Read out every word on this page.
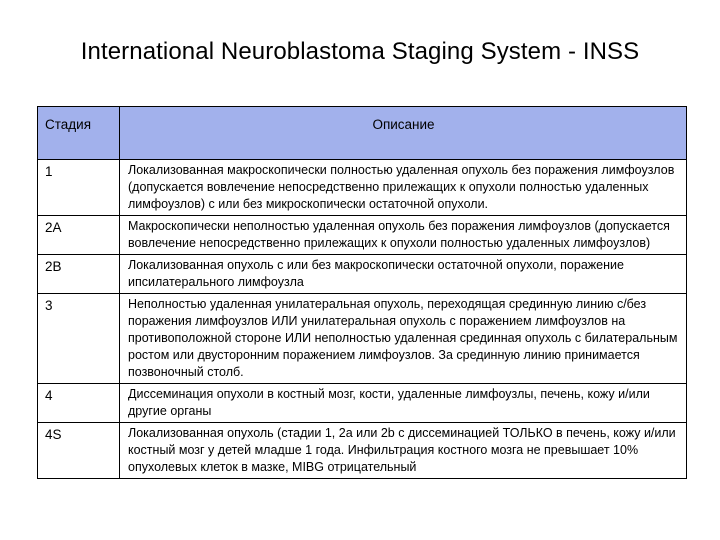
International Neuroblastoma Staging System - INSS
Стадия	Описание
1	Локализованная макроскопически полностью удаленная опухоль без поражения лимфоузлов (допускается вовлечение непосредственно прилежащих к опухоли полностью удаленных лимфоузлов) с или без микроскопически остаточной опухоли.
2A	Макроскопически неполностью удаленная опухоль без поражения лимфоузлов (допускается вовлечение непосредственно прилежащих к опухоли полностью удаленных лимфоузлов)
2B	Локализованная опухоль с или без макроскопически остаточной опухоли, поражение ипсилатерального лимфоузла
3	Неполностью удаленная унилатеральная опухоль, переходящая срединную линию с/без поражения лимфоузлов ИЛИ унилатеральная опухоль с поражением лимфоузлов на противоположной стороне ИЛИ неполностью удаленная срединная опухоль с билатеральным ростом или двусторонним поражением лимфоузлов. За срединную линию принимается позвоночный столб.
4	Диссеминация опухоли в костный мозг, кости, удаленные лимфоузлы, печень, кожу и/или другие органы
4S	Локализованная опухоль (стадии 1, 2а или 2b с диссеминацией ТОЛЬКО в печень, кожу и/или костный мозг у детей младше 1 года. Инфильтрация костного мозга не превышает 10% опухолевых клеток в мазке, MIBG отрицательный
